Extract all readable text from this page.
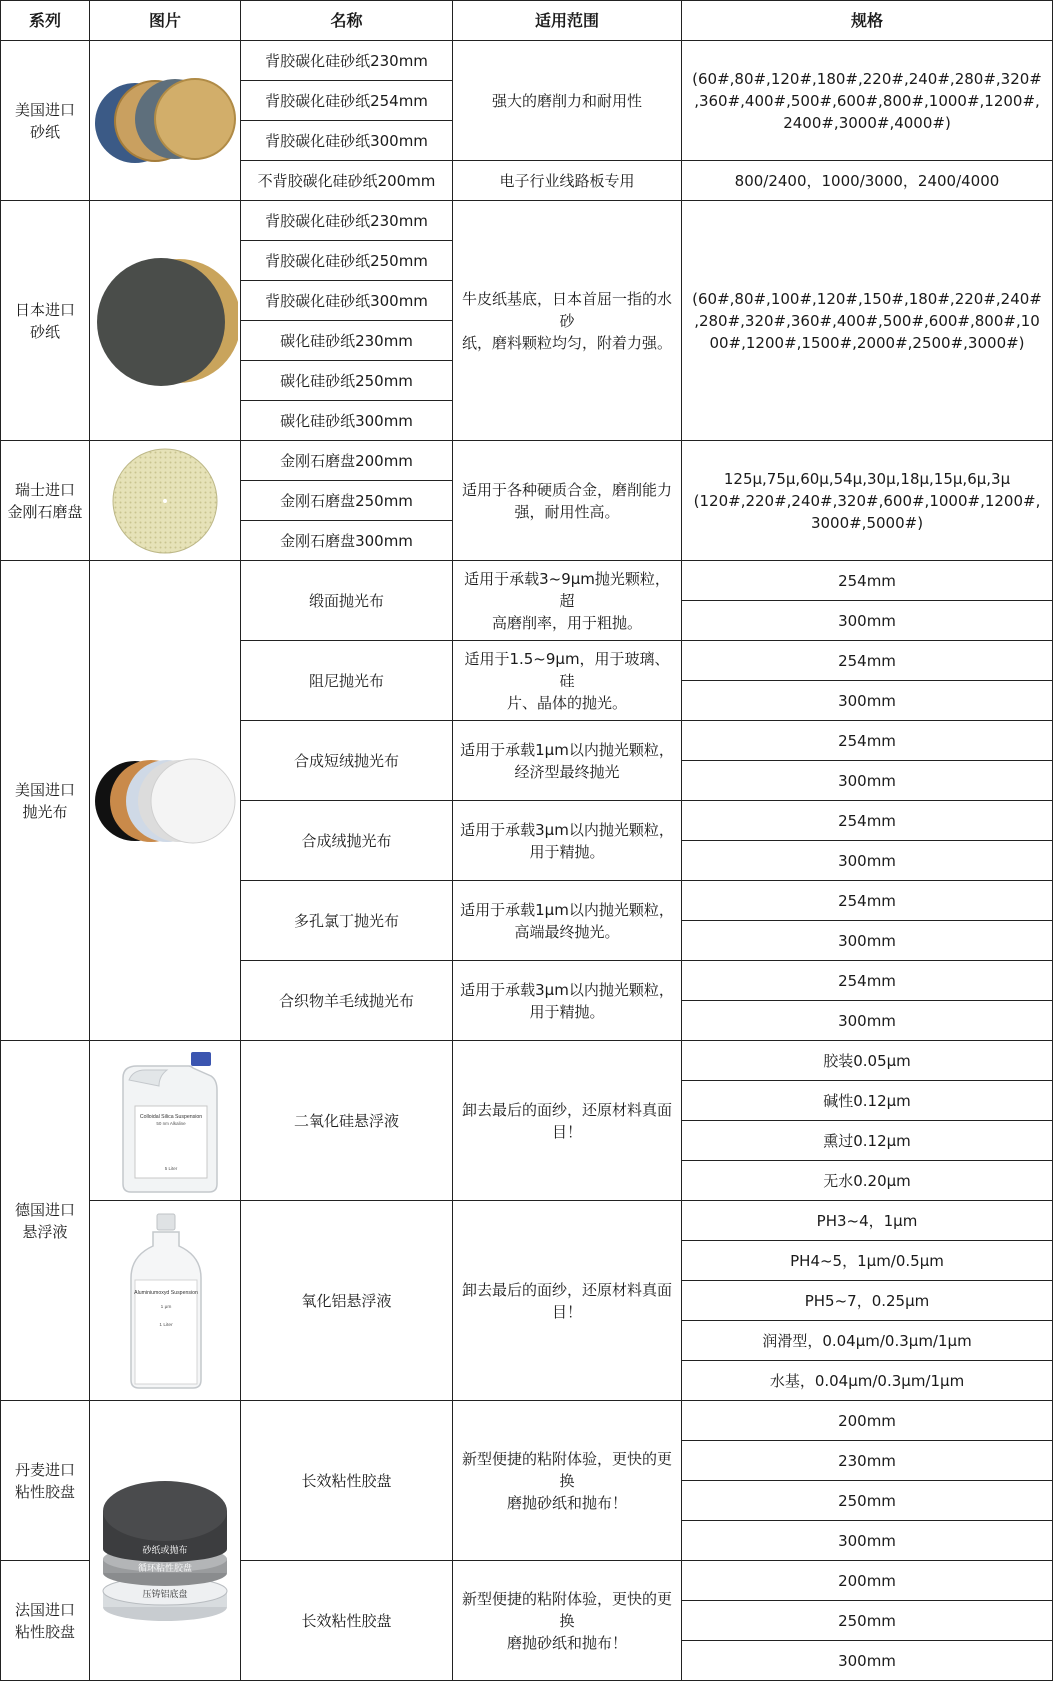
系列	图片	名称	适用范围	规格
美国进口
砂纸		背胶碳化硅砂纸230mm	强大的磨削力和耐用性	(60#,80#,120#,180#,220#,240#,280#,320#
,360#,400#,500#,600#,800#,1000#,1200#,
2400#,3000#,4000#)
		背胶碳化硅砂纸254mm		
		背胶碳化硅砂纸300mm		
		不背胶碳化硅砂纸200mm	电子行业线路板专用	800/2400，1000/3000，2400/4000
日本进口
砂纸		背胶碳化硅砂纸230mm	牛皮纸基底，日本首屈一指的水砂
纸，磨料颗粒均匀，附着力强。	(60#,80#,100#,120#,150#,180#,220#,240#
,280#,320#,360#,400#,500#,600#,800#,10
00#,1200#,1500#,2000#,2500#,3000#)
		背胶碳化硅砂纸250mm		
		背胶碳化硅砂纸300mm		
		碳化硅砂纸230mm		
		碳化硅砂纸250mm		
		碳化硅砂纸300mm		
瑞士进口
金刚石磨盘		金刚石磨盘200mm	适用于各种硬质合金，磨削能力
强，耐用性高。	125μ,75μ,60μ,54μ,30μ,18μ,15μ,6μ,3μ
(120#,220#,240#,320#,600#,1000#,1200#,
3000#,5000#)
		金刚石磨盘250mm		
		金刚石磨盘300mm		
美国进口
抛光布		缎面抛光布	适用于承载3~9μm抛光颗粒，超
高磨削率，用于粗抛。	254mm
				300mm
		阻尼抛光布	适用于1.5~9μm，用于玻璃、硅
片、晶体的抛光。	254mm
				300mm
		合成短绒抛光布	适用于承载1μm以内抛光颗粒，
经济型最终抛光	254mm
				300mm
		合成绒抛光布	适用于承载3μm以内抛光颗粒，
用于精抛。	254mm
				300mm
		多孔氯丁抛光布	适用于承载1μm以内抛光颗粒，
高端最终抛光。	254mm
				300mm
		合织物羊毛绒抛光布	适用于承载3μm以内抛光颗粒，
用于精抛。	254mm
				300mm
德国进口
悬浮液	Colloidal Silica Suspension
50 nm Alkaline
5 Liter	二氧化硅悬浮液	卸去最后的面纱，还原材料真面
目！	胶装0.05μm
				碱性0.12μm
				熏过0.12μm
				无水0.20μm

Aluminiumoxyd Suspension
1 μm
1 Liter	氧化铝悬浮液	卸去最后的面纱，还原材料真面
目！	PH3~4，1μm
				PH4~5，1μm/0.5μm
				PH5~7，0.25μm
				润滑型，0.04μm/0.3μm/1μm
				水基，0.04μm/0.3μm/1μm
丹麦进口
粘性胶盘	砂纸或抛布
循环粘性胶盘
压铸铝底盘	长效粘性胶盘	新型便捷的粘附体验，更快的更换
磨抛砂纸和抛布！	200mm
				230mm
				250mm
				300mm
法国进口
粘性胶盘		长效粘性胶盘	新型便捷的粘附体验，更快的更换
磨抛砂纸和抛布！	200mm
				250mm
				300mm
